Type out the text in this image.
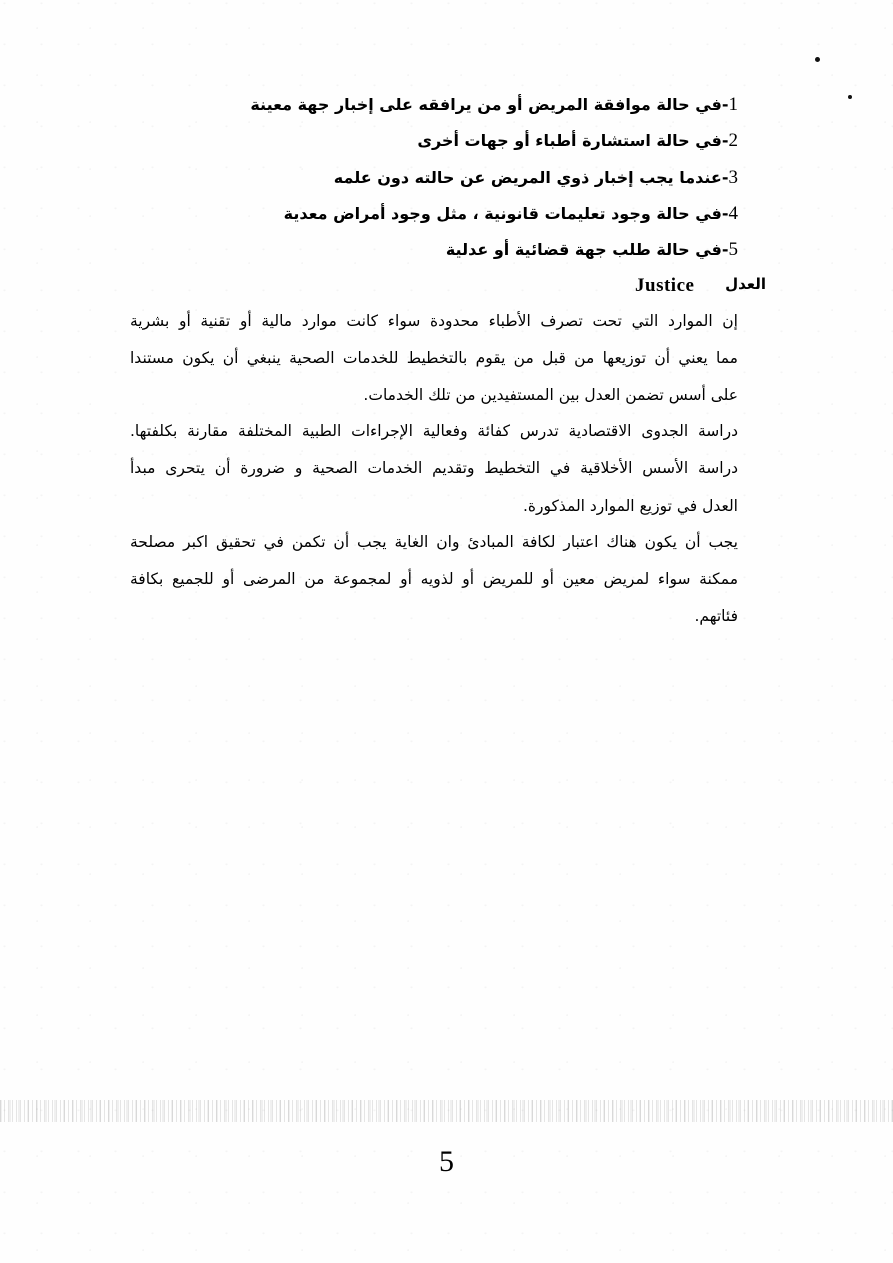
1-في حالة موافقة المريض أو من يرافقه على إخبار جهة معينة

2-في حالة استشارة أطباء أو جهات أخرى

3-عندما يجب إخبار ذوي المريض عن حالته دون علمه

4-في حالة وجود تعليمات قانونية ، مثل وجود أمراض معدية

5-في حالة طلب جهة قضائية أو عدلية

العدل
Justice

إن الموارد التي تحت تصرف الأطباء محدودة سواء كانت موارد مالية أو تقنية أو بشرية

مما يعني أن توزيعها من قبل من يقوم بالتخطيط للخدمات الصحية ينبغي أن يكون مستندا

على أسس تضمن العدل بين المستفيدين من تلك الخدمات.

دراسة الجدوى الاقتصادية تدرس كفائة وفعالية الإجراءات الطبية المختلفة مقارنة بكلفتها.

دراسة الأسس الأخلاقية في التخطيط وتقديم الخدمات الصحية و ضرورة أن يتحرى مبدأ

العدل في توزيع الموارد المذكورة.

يجب أن يكون هناك اعتبار لكافة المبادئ وان الغاية يجب أن تكمن في تحقيق اكبر مصلحة

ممكنة سواء لمريض معين أو للمريض أو لذويه أو لمجموعة من المرضى أو للجميع بكافة

فئاتهم.

5
